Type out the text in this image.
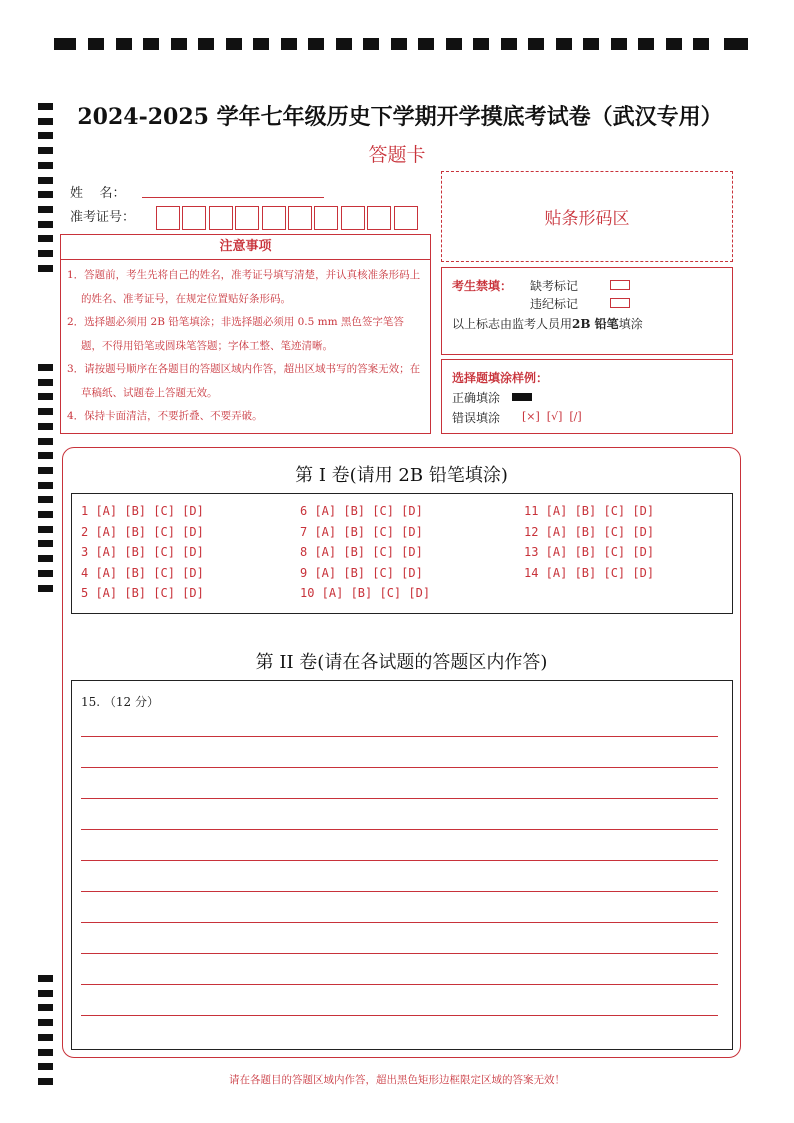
2024-2025 学年七年级历史下学期开学摸底考试卷（武汉专用）
答题卡
姓    名：
准考证号：	贴条形码区
注意事项
1．答题前，考生先将自己的姓名，准考证号填写清楚，并认真核准条形码上的姓名、准考证号，在规定位置贴好条形码。
2．选择题必须用 2B 铅笔填涂；非选择题必须用 0.5 mm 黑色签字笔答题，不得用铅笔或圆珠笔答题；字体工整、笔迹清晰。
3．请按题号顺序在各题目的答题区域内作答，超出区域书写的答案无效；在草稿纸、试题卷上答题无效。
4．保持卡面清洁，不要折叠、不要弄破。
考生禁填： 缺考标记
违纪标记
以上标志由监考人员用2B 铅笔填涂
选择题填涂样例：
正确填涂
错误填涂 [×]  [√]  [/]
第 I 卷(请用 2B 铅笔填涂)
1 [A] [B] [C] [D]
2 [A] [B] [C] [D]
3 [A] [B] [C] [D]
4 [A] [B] [C] [D]
5 [A] [B] [C] [D]
6 [A] [B] [C] [D]
7 [A] [B] [C] [D]
8 [A] [B] [C] [D]
9 [A] [B] [C] [D]
10 [A] [B] [C] [D]
11 [A] [B] [C] [D]
12 [A] [B] [C] [D]
13 [A] [B] [C] [D]
14 [A] [B] [C] [D]
第 II 卷(请在各试题的答题区内作答)
15. （12 分）
请在各题目的答题区域内作答，超出黑色矩形边框限定区域的答案无效！
